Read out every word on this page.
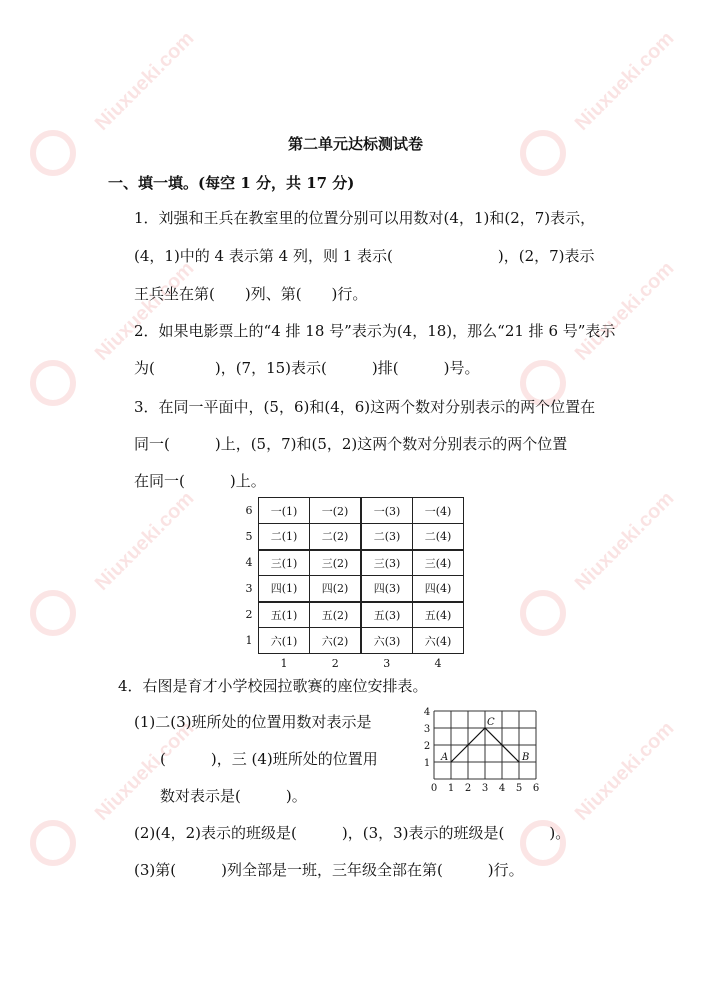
Niuxueki.com	Niuxueki.com
Niuxueki.com	Niuxueki.com
Niuxueki.com	Niuxueki.com
Niuxueki.com	Niuxueki.com
第二单元达标测试卷
一、填一填。(每空 1 分，共 17 分)
1．刘强和王兵在教室里的位置分别可以用数对(4，1)和(2，7)表示，
(4，1)中的 4 表示第 4 列，则 1 表示(　　　　　　　)，(2，7)表示
王兵坐在第(　　)列、第(　　)行。
2．如果电影票上的“4 排 18 号”表示为(4，18)，那么“21 排 6 号”表示
为(　　　　)，(7，15)表示(　　　)排(　　　)号。
3．在同一平面中，(5，6)和(4，6)这两个数对分别表示的两个位置在
同一(　　　)上，(5，7)和(5，2)这两个数对分别表示的两个位置
在同一(　　　)上。
6	一(1)	一(2)	一(3)	一(4)
5	二(1)	二(2)	二(3)	二(4)
4	三(1)	三(2)	三(3)	三(4)
3	四(1)	四(2)	四(3)	四(4)
2	五(1)	五(2)	五(3)	五(4)
1	六(1)	六(2)	六(3)	六(4)
	1	2	3	4
4．右图是育才小学校园拉歌赛的座位安排表。
(1)二(3)班所处的位置用数对表示是
(　　　)，三 (4)班所处的位置用
数对表示是(　　　)。
(2)(4，2)表示的班级是(　　　)，(3，3)表示的班级是(　　　)。
(3)第(　　　)列全部是一班，三年级全部在第(　　　)行。
0 1 2 3 4 5 6
1
2
3
4
A
C
B
